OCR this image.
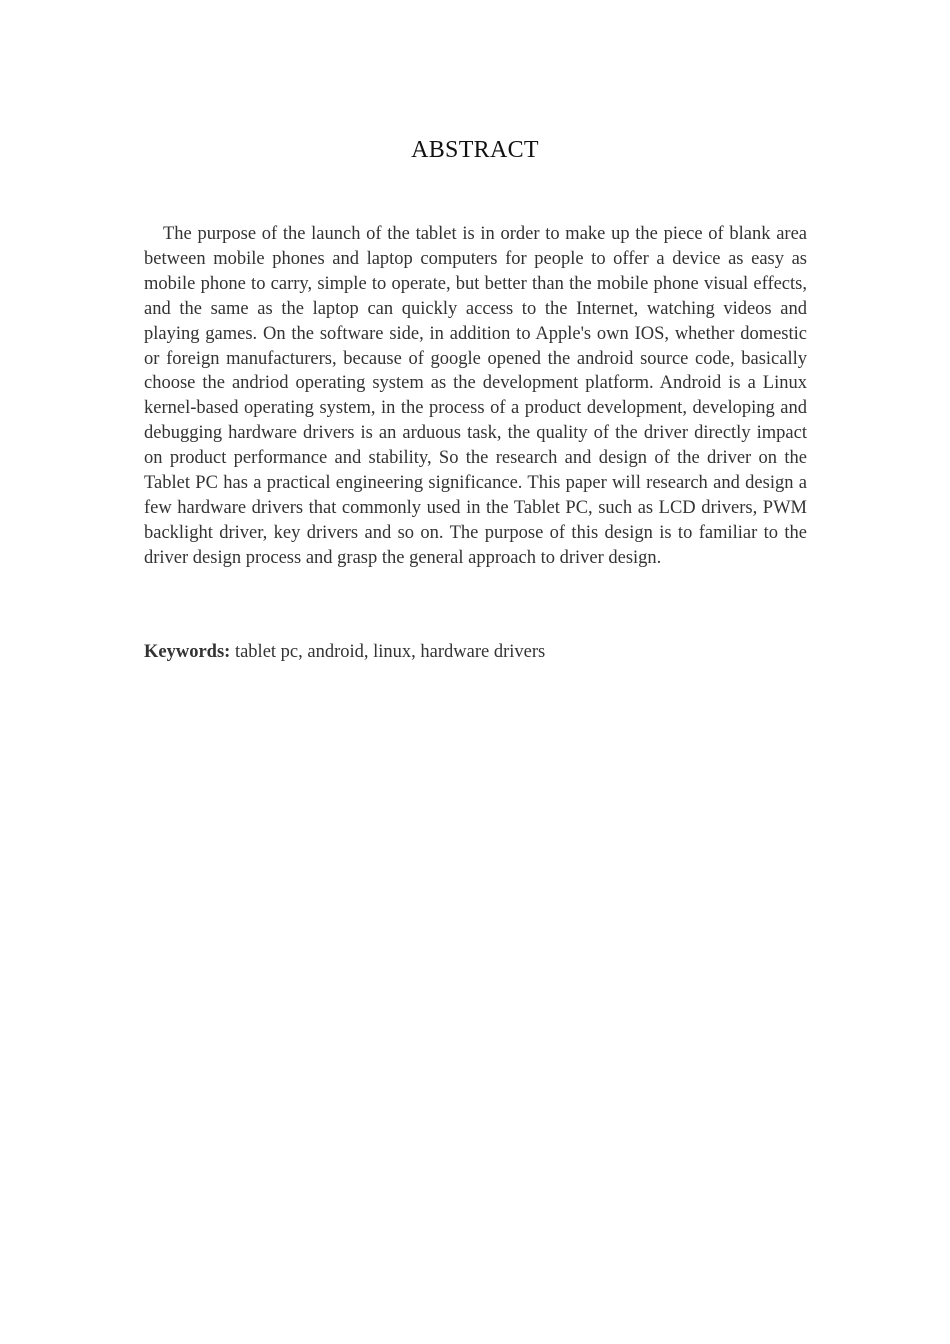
ABSTRACT

The purpose of the launch of the tablet is in order to make up the piece of blank area between mobile phones and laptop computers for people to offer a device as easy as mobile phone to carry, simple to operate, but better than the mobile phone visual effects, and the same as the laptop can quickly access to the Internet, watching videos and playing games. On the software side, in addition to Apple's own IOS, whether domestic or foreign manufacturers, because of google opened the android source code, basically choose the andriod operating system as the development platform. Android is a Linux kernel-based operating system, in the process of a product development, developing and debugging hardware drivers is an arduous task, the quality of the driver directly impact on product performance and stability, So the research and design of the driver on the Tablet PC has a practical engineering significance. This paper will research and design a few hardware drivers that commonly used in the Tablet PC, such as LCD drivers, PWM backlight driver, key drivers and so on. The purpose of this design is to familiar to the driver design process and grasp the general approach to driver design.

Keywords: tablet pc, android, linux, hardware drivers
